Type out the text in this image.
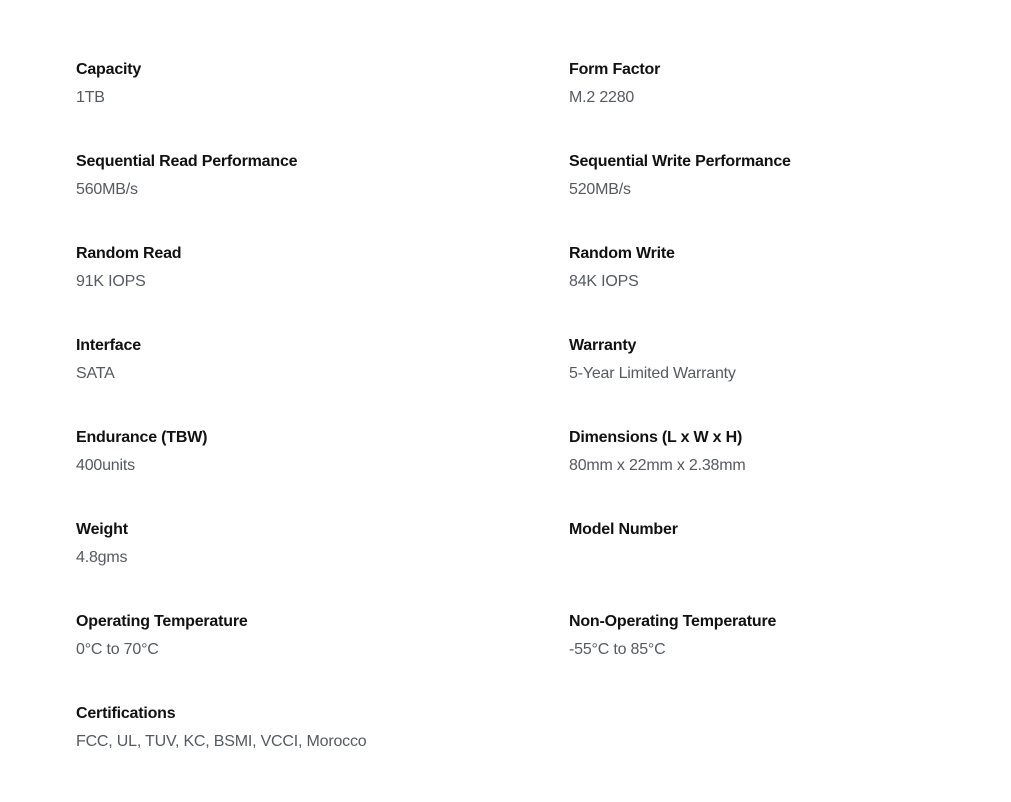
Capacity
1TB
Form Factor
M.2 2280
Sequential Read Performance
560MB/s
Sequential Write Performance
520MB/s
Random Read
91K IOPS
Random Write
84K IOPS
Interface
SATA
Warranty
5-Year Limited Warranty
Endurance (TBW)
400units
Dimensions (L x W x H)
80mm x 22mm x 2.38mm
Weight
4.8gms
Model Number
Operating Temperature
0°C to 70°C
Non-Operating Temperature
-55°C to 85°C
Certifications
FCC, UL, TUV, KC, BSMI, VCCI, Morocco
